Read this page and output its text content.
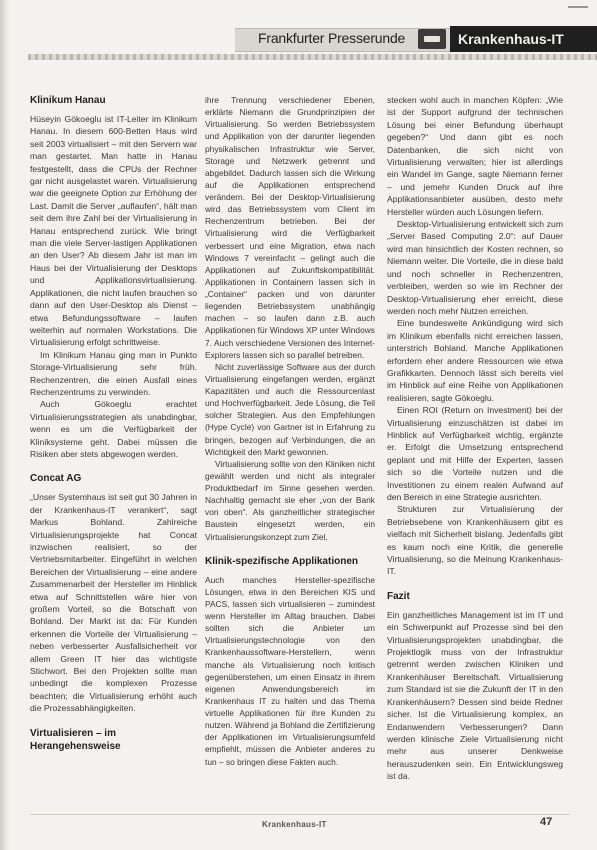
Frankfurter Presserunde	Krankenhaus-IT
Klinikum Hanau

Hüseyin Gökoeglu ist IT-Leiter im Klinikum Hanau. In diesem 600-Betten Haus wird seit 2003 virtualisiert – mit den Servern war man gestartet. Man hatte in Hanau festgestellt, dass die CPUs der Rechner gar nicht ausgelastet waren. Virtualisierung war die geeignete Option zur Erhöhung der Last. Damit die Server „auflaufen“, hält man seit dem ihre Zahl bei der Virtualisierung in Hanau entsprechend zurück. Wie bringt man die viele Server-lastigen Applikationen an den User? Ab diesem Jahr ist man im Haus bei der Virtualisierung der Desktops und Applikationsvirtualisierung. Applikationen, die nicht laufen brauchen so dann auf den User-Desktop als Dienst – etwa Befundungssoftware – laufen weiterhin auf normalen Workstations. Die Virtualisierung erfolgt schrittweise.

Im Klinikum Hanau ging man in Punkto Storage-Virtualisierung sehr früh. Rechenzentren, die einen Ausfall eines Rechenzentrums zu verwinden.

Auch Gökoeglu erachtet Virtualisierungsstrategien als unabdingbar, wenn es um die Verfügbarkeit der Kliniksysteme geht. Dabei müssen die Risiken aber stets abgewogen werden.

Concat AG

„Unser Systemhaus ist seit gut 30 Jahren in der Krankenhaus-IT verankert“, sagt Markus Bohland. Zahlreiche Virtualisierungsprojekte hat Concat inzwischen realisiert, so der Vertriebsmitarbeiter. Eingeführt in welchen Bereichen der Virtualisierung – eine andere Zusammenarbeit der Hersteller im Hinblick etwa auf Schnittstellen wäre hier von großem Vorteil, so die Botschaft von Bohland. Der Markt ist da: Für Kunden erkennen die Vorteile der Virtualisierung – neben verbesserter Ausfallsicherheit vor allem Green IT hier das wichtigste Stichwort. Bei den Projekten sollte man unbedingt die komplexen Prozesse beachten; die Virtualisierung erhöht auch die Prozessabhängigkeiten.

Virtualisieren – im Herangehensweise

ihre Trennung verschiedener Ebenen, erklärte Niemann die Grundprinzipien der Virtualisierung. So werden Betriebssystem und Applikation von der darunter liegenden physikalischen Infrastruktur wie Server, Storage und Netzwerk getrennt und abgebildet. Dadurch lassen sich die Wirkung auf die Applikationen entsprechend verändern. Bei der Desktop-Virtualisierung wird das Betriebssystem vom Client im Rechenzentrum betrieben. Bei der Virtualisierung wird die Verfügbarkeit verbessert und eine Migration, etwa nach Windows 7 vereinfacht – gelingt auch die Applikationen auf Zukunftskompatibilität. Applikationen in Containern lassen sich in „Container“ packen und von darunter liegenden Betriebssystem unabhängig machen – so laufen dann z.B. auch Applikationen für Windows XP unter Windows 7. Auch verschiedene Versionen des Internet-Explorers lassen sich so parallel betreiben.

Nicht zuverlässige Software aus der durch Virtualisierung eingefangen werden, ergänzt Kapazitäten und auch die Ressourcenlast und Hochverfügbarkeit. Jede Lösung, die Teil solcher Strategien. Aus den Empfehlungen (Hype Cycle) von Gartner ist in Erfahrung zu bringen, bezogen auf Verbindungen, die an Wichtigkeit den Markt gewonnen.

Virtualisierung sollte von den Kliniken nicht gewählt werden und nicht als integraler Produktbedarf im Sinne gesehen werden. Nachhaltig gemacht sie eher „von der Bank von oben“. Als ganzheitlicher strategischer Baustein eingesetzt werden, ein Virtualisierungskonzept zum Ziel.

Klinik-spezifische Applikationen

Auch manches Hersteller-spezifische Lösungen, etwa in den Bereichen KIS und PACS, lassen sich virtualisieren – zumindest wenn Hersteller im Alltag brauchen. Dabei sollten sich die Anbieter um Virtualisierungstechnologie von den Krankenhaussoftware-Herstellern, wenn manche als Virtualisierung noch kritisch gegenüberstehen, um einen Einsatz in ihrem eigenen Anwendungsbereich im Krankenhaus IT zu halten und das Thema virtuelle Applikationen für ihre Kunden zu nutzen. Während ja Bohland die Zertifizierung der Applikationen im Virtualisierungsumfeld empfiehlt, müssen die Anbieter anderes zu tun – so bringen diese Fakten auch.

stecken wohl auch in manchen Köpfen: „Wie ist der Support aufgrund der technischen Lösung bei einer Befundung überhaupt gegeben?“ Und dann gibt es noch Datenbanken, die sich nicht von Virtualisierung verwalten; hier ist allerdings ein Wandel im Gange, sagte Niemann ferner – und jemehr Kunden Druck auf ihre Applikationsanbieter ausüben, desto mehr Hersteller würden auch Lösungen liefern.

Desktop-Virtualisierung entwickelt sich zum „Server Based Computing 2.0“: auf Dauer wird man hinsichtlich der Kosten rechnen, so Niemann weiter. Die Vorteile, die in diese bald und noch schneller in Rechenzentren, verbleiben, werden so wie im Rechner der Desktop-Virtualisierung eher erreicht, diese werden noch mehr Nutzen erreichen.

Eine bundesweite Ankündigung wird sich im Klinikum ebenfalls nicht erreichen lassen, unterstrich Bohland. Manche Applikationen erfordern eher andere Ressourcen wie etwa Grafikkarten. Dennoch lässt sich bereits viel im Hinblick auf eine Reihe von Applikationen realisieren, sagte Gökoeglu.

Einen ROI (Return on Investment) bei der Virtualisierung einzuschätzen ist dabei im Hinblick auf Verfügbarkeit wichtig, ergänzte er. Erfolgt die Umsetzung entsprechend geplant und mit Hilfe der Experten, lassen sich so die Vorteile nutzen und die Investitionen zu einem realen Aufwand auf den Bereich in eine Strategie ausrichten.

Strukturen zur Virtualisierung der Betriebsebene von Krankenhäusern gibt es vielfach mit Sicherheit bislang. Jedenfalls gibt es kaum noch eine Kritik, die generelle Virtualisierung, so die Meinung Krankenhaus-IT.

Fazit

Ein ganzheitliches Management ist im IT und ein Schwerpunkt auf Prozesse sind bei den Virtualisierungsprojekten unabdingbar, die Projektlogik muss von der Infrastruktur getrennt werden zwischen Kliniken und Krankenhäuser Bereitschaft. Virtualisierung zum Standard ist sie die Zukunft der IT in den Krankenhäusern? Dessen sind beide Redner sicher. Ist die Virtualisierung komplex, an Endanwendern Verbesserungen? Dann werden klinische Ziele Virtualisierung nicht mehr aus unserer Denkweise herauszudenken sein. Ein Entwicklungsweg ist da.

Krankenhaus-IT	47
